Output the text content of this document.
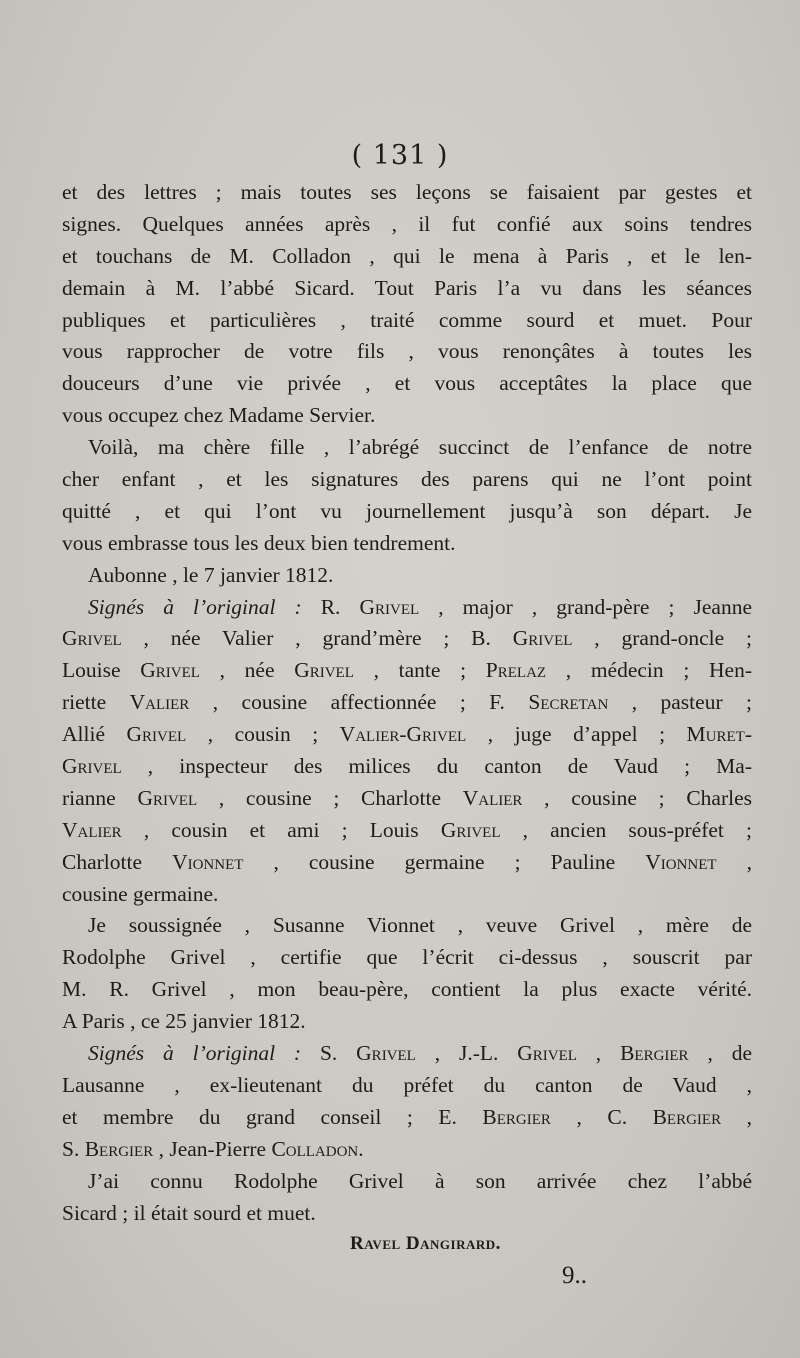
( 131 )
et des lettres ; mais toutes ses leçons se faisaient par gestes et
signes. Quelques années après , il fut confié aux soins tendres
et touchans de M. Colladon , qui le mena à Paris , et le len-
demain à M. l’abbé Sicard. Tout Paris l’a vu dans les séances
publiques et particulières , traité comme sourd et muet. Pour
vous rapprocher de votre fils , vous renonçâtes à toutes les
douceurs d’une vie privée , et vous acceptâtes la place que
vous occupez chez Madame Servier.
Voilà, ma chère fille , l’abrégé succinct de l’enfance de notre
cher enfant , et les signatures des parens qui ne l’ont point
quitté , et qui l’ont vu journellement jusqu’à son départ. Je
vous embrasse tous les deux bien tendrement.
Aubonne , le 7 janvier 1812.
Signés à l’original : R. Grivel , major , grand-père ; Jeanne
Grivel , née Valier , grand’mère ; B. Grivel , grand-oncle ;
Louise Grivel , née Grivel , tante ; Prelaz , médecin ; Hen-
riette Valier , cousine affectionnée ; F. Secretan , pasteur ;
Allié Grivel , cousin ; Valier-Grivel , juge d’appel ; Muret-
Grivel , inspecteur des milices du canton de Vaud ; Ma-
rianne Grivel , cousine ; Charlotte Valier , cousine ; Charles
Valier , cousin et ami ; Louis Grivel , ancien sous-préfet ;
Charlotte Vionnet , cousine germaine ; Pauline Vionnet ,
cousine germaine.
Je soussignée , Susanne Vionnet , veuve Grivel , mère de
Rodolphe Grivel , certifie que l’écrit ci-dessus , souscrit par
M. R. Grivel , mon beau-père, contient la plus exacte vérité.
A Paris , ce 25 janvier 1812.
Signés à l’original : S. Grivel , J.-L. Grivel , Bergier , de
Lausanne , ex-lieutenant du préfet du canton de Vaud ,
et membre du grand conseil ; E. Bergier , C. Bergier ,
S. Bergier , Jean-Pierre Colladon.
J’ai connu Rodolphe Grivel à son arrivée chez l’abbé
Sicard ; il était sourd et muet.
Ravel Dangirard.
9..
